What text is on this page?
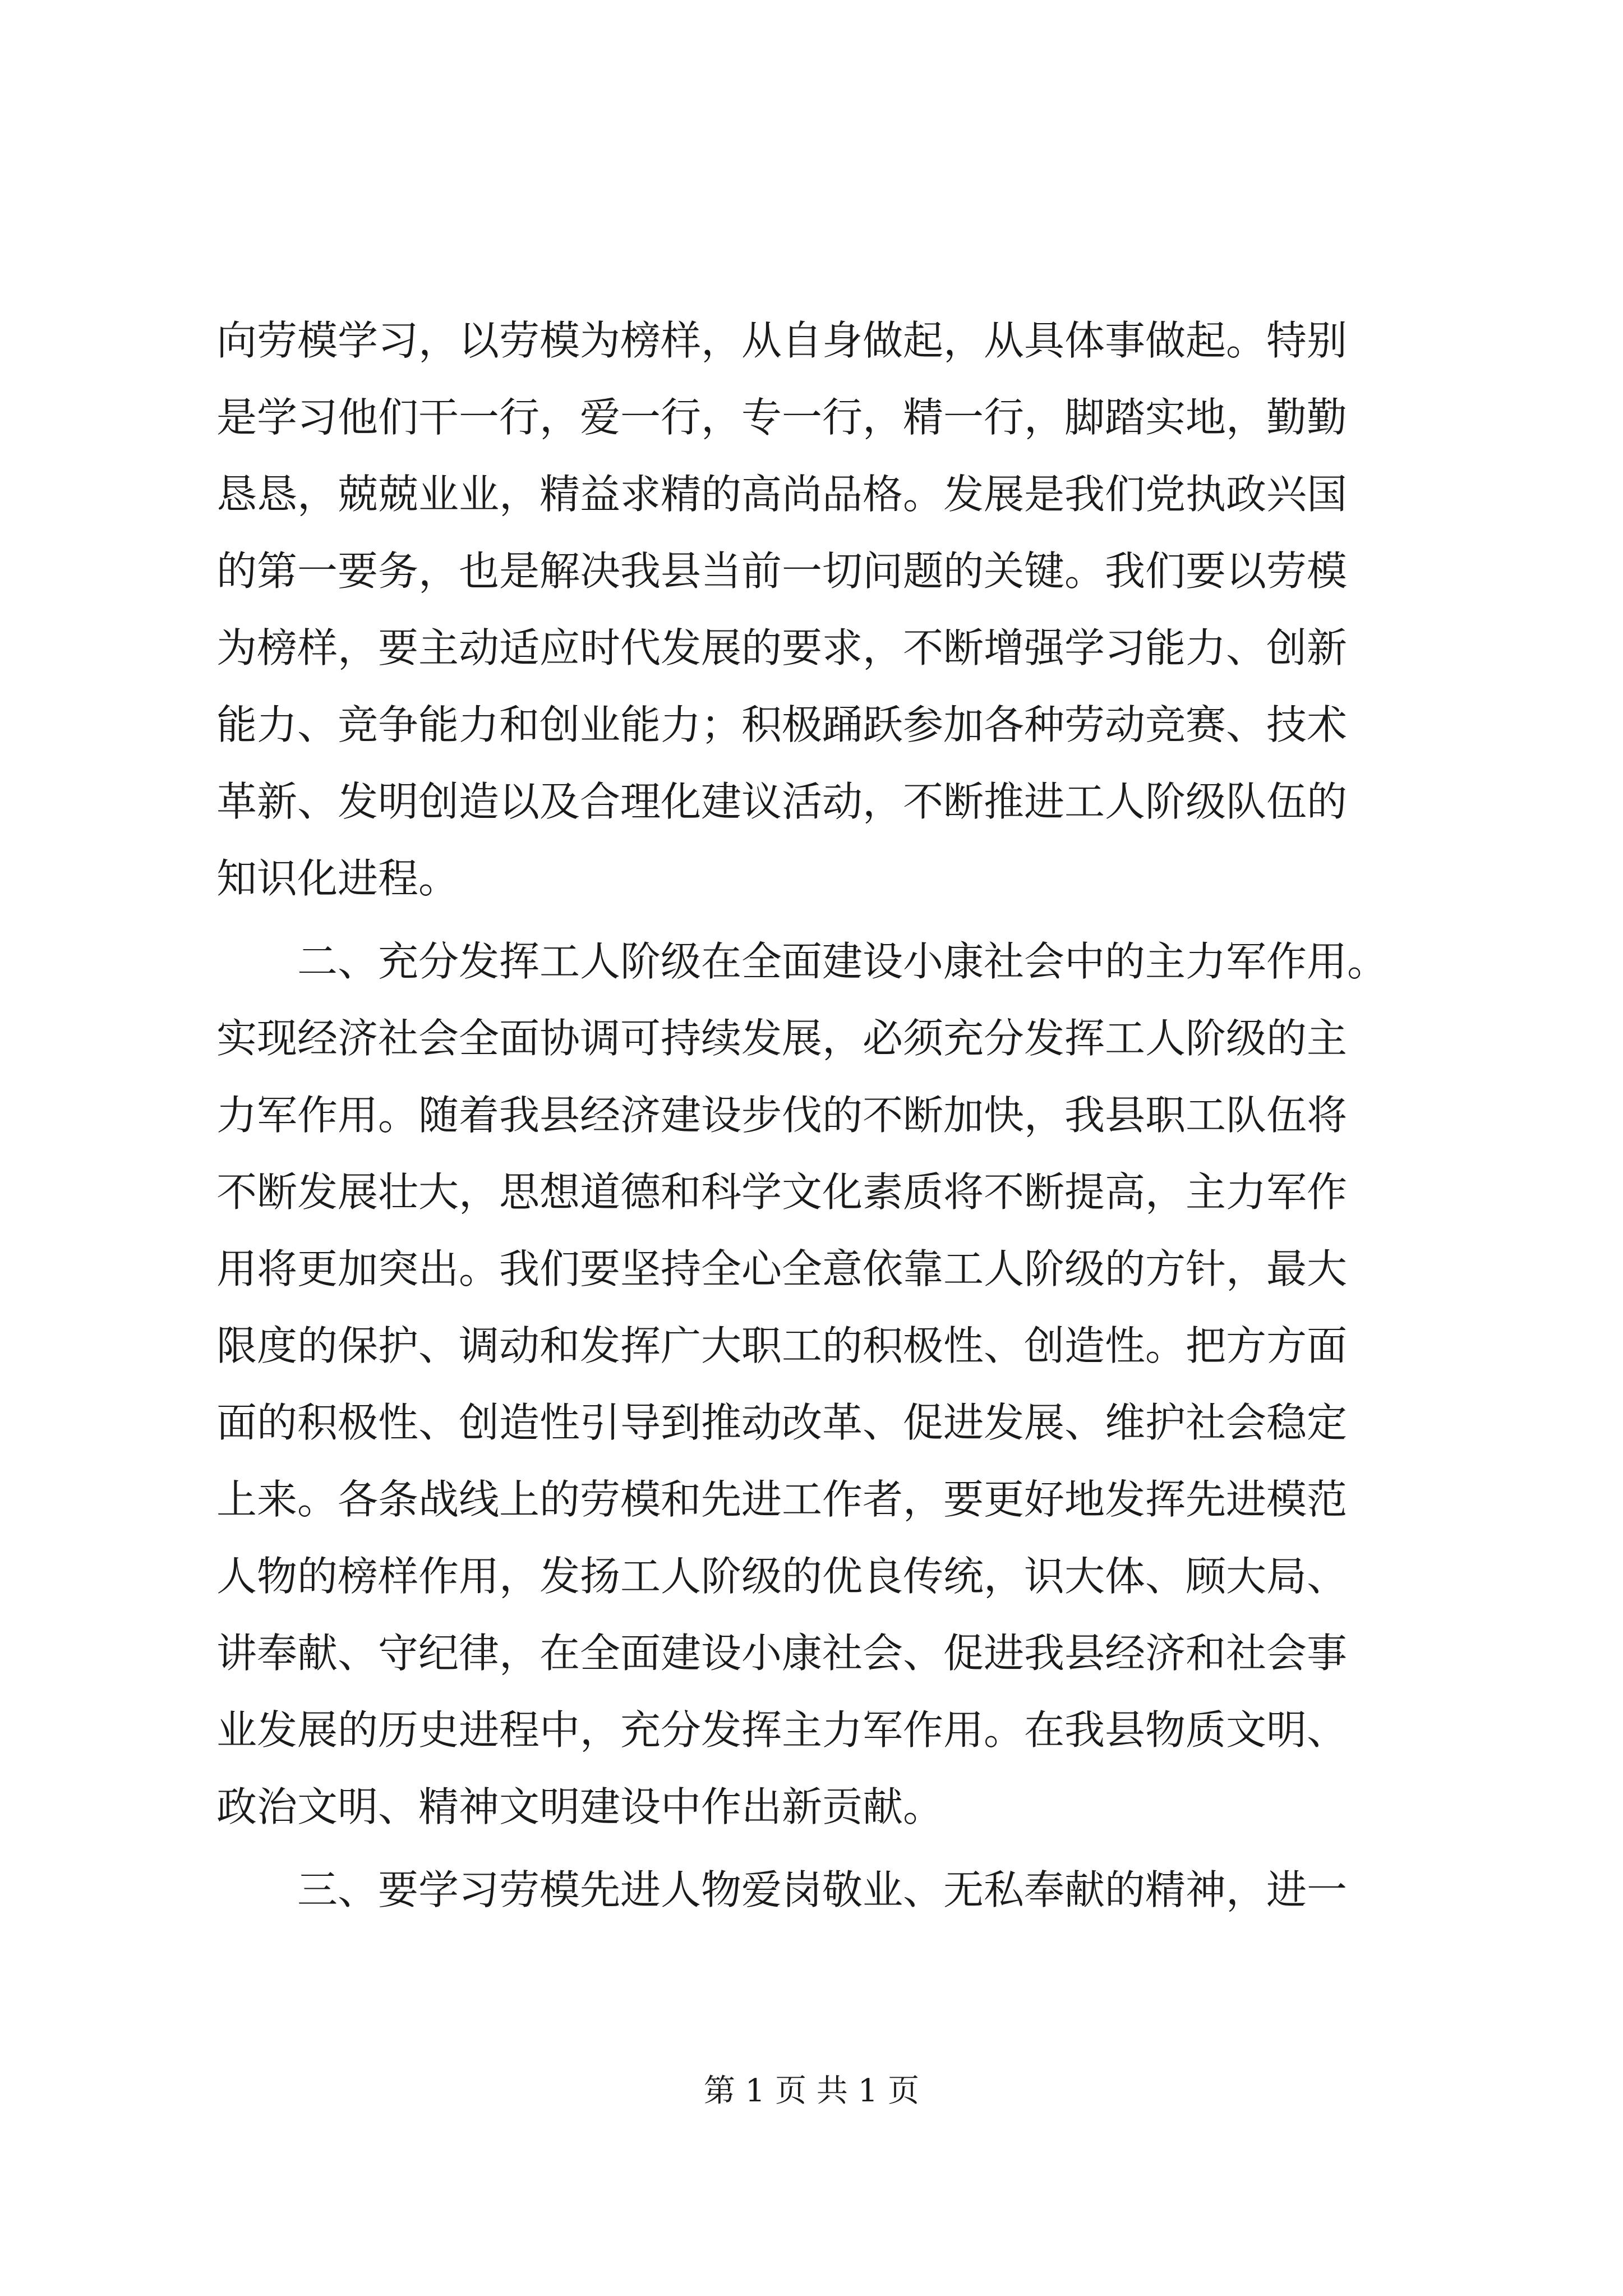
向劳模学习，以劳模为榜样，从自身做起，从具体事做起。特别
是学习他们干一行，爱一行，专一行，精一行，脚踏实地，勤勤
恳恳，兢兢业业，精益求精的高尚品格。发展是我们党执政兴国
的第一要务，也是解决我县当前一切问题的关键。我们要以劳模
为榜样，要主动适应时代发展的要求，不断增强学习能力、创新
能力、竞争能力和创业能力；积极踊跃参加各种劳动竞赛、技术
革新、发明创造以及合理化建议活动，不断推进工人阶级队伍的
知识化进程。
二、充分发挥工人阶级在全面建设小康社会中的主力军作用。
实现经济社会全面协调可持续发展，必须充分发挥工人阶级的主
力军作用。随着我县经济建设步伐的不断加快，我县职工队伍将
不断发展壮大，思想道德和科学文化素质将不断提高，主力军作
用将更加突出。我们要坚持全心全意依靠工人阶级的方针，最大
限度的保护、调动和发挥广大职工的积极性、创造性。把方方面
面的积极性、创造性引导到推动改革、促进发展、维护社会稳定
上来。各条战线上的劳模和先进工作者，要更好地发挥先进模范
人物的榜样作用，发扬工人阶级的优良传统，识大体、顾大局、
讲奉献、守纪律，在全面建设小康社会、促进我县经济和社会事
业发展的历史进程中，充分发挥主力军作用。在我县物质文明、
政治文明、精神文明建设中作出新贡献。
三、要学习劳模先进人物爱岗敬业、无私奉献的精神，进一
第 1 页 共 1 页
